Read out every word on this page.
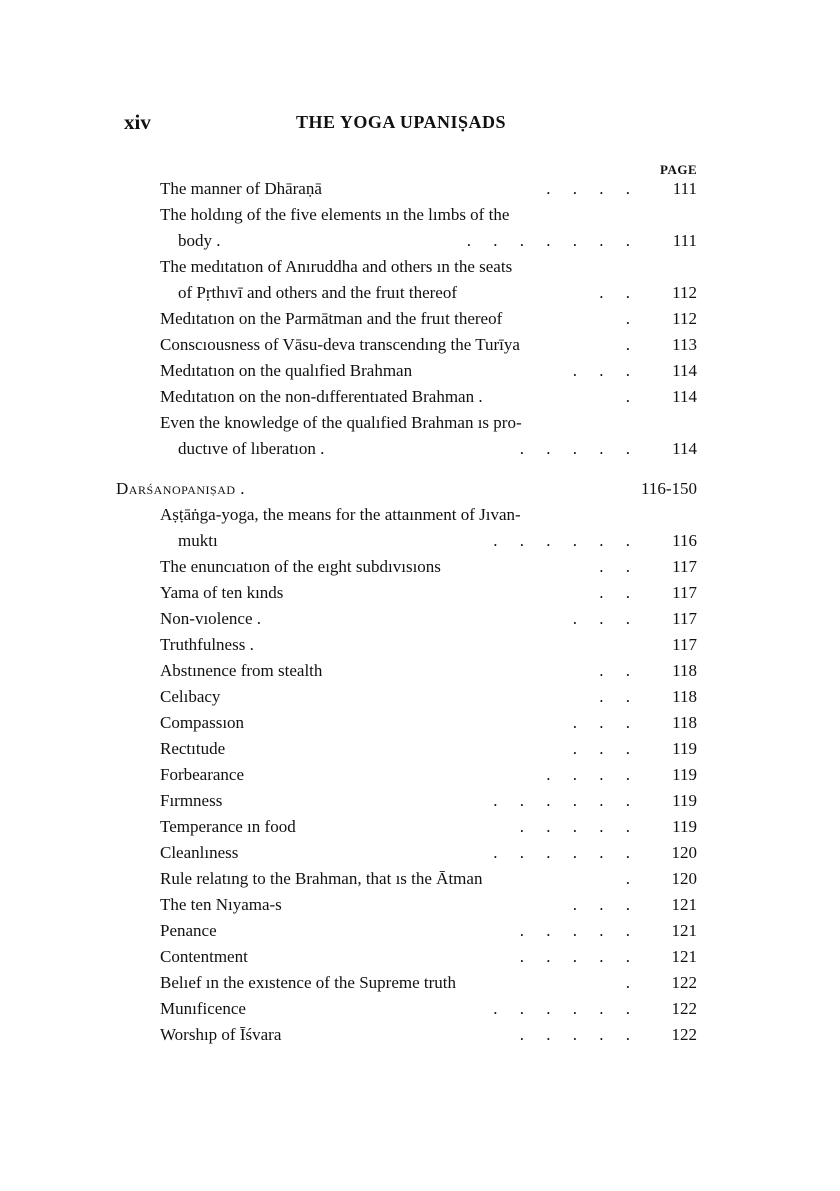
xiv	THE YOGA UPANIṢADS
PAGE
The manner of Dhāraṇā	. . . .	111
The holdıng of the five elements ın the lımbs of the
body .	. . . . . . .	111
The medıtatıon of Anıruddha and others ın the seats
of Pṛthıvī and others and the fruıt thereof	. . 112
Medıtatıon on the Parmātman and the fruıt thereof	. 112
Conscıousness of Vāsu-deva transcendıng the Turīya	. 113
Medıtatıon on the qualıfied Brahman	. . . 114
Medıtatıon on the non-dıfferentıated Brahman .	. 114
Even the knowledge of the qualıfied Brahman ıs pro-
ductıve of lıberatıon .	. . . . . 114
Darśanopaniṣad .	116-150
Aṣṭāṅga-yoga, the means for the attaınment of Jıvan-
muktı	. . . . . . 116
The enuncıatıon of the eıght subdıvısıons	. . 117
Yama of ten kınds	. . 117
Non-vıolence .	. . . 117
Truthfulness .	117
Abstınence from stealth	. . 118
Celıbacy	. . 118
Compassıon	. . . 118
Rectıtude	. . . 119
Forbearance	. . . . 119
Fırmness	. . . . . . 119
Temperance ın food	. . . . . 119
Cleanlıness	. . . . . . 120
Rule relatıng to the Brahman, that ıs the Ātman	. 120
The ten Nıyama-s	. . . 121
Penance	. . . . . 121
Contentment	. . . . . 121
Belıef ın the exıstence of the Supreme truth	. 122
Munıficence	. . . . . . 122
Worshıp of Īśvara	. . . . . 122
